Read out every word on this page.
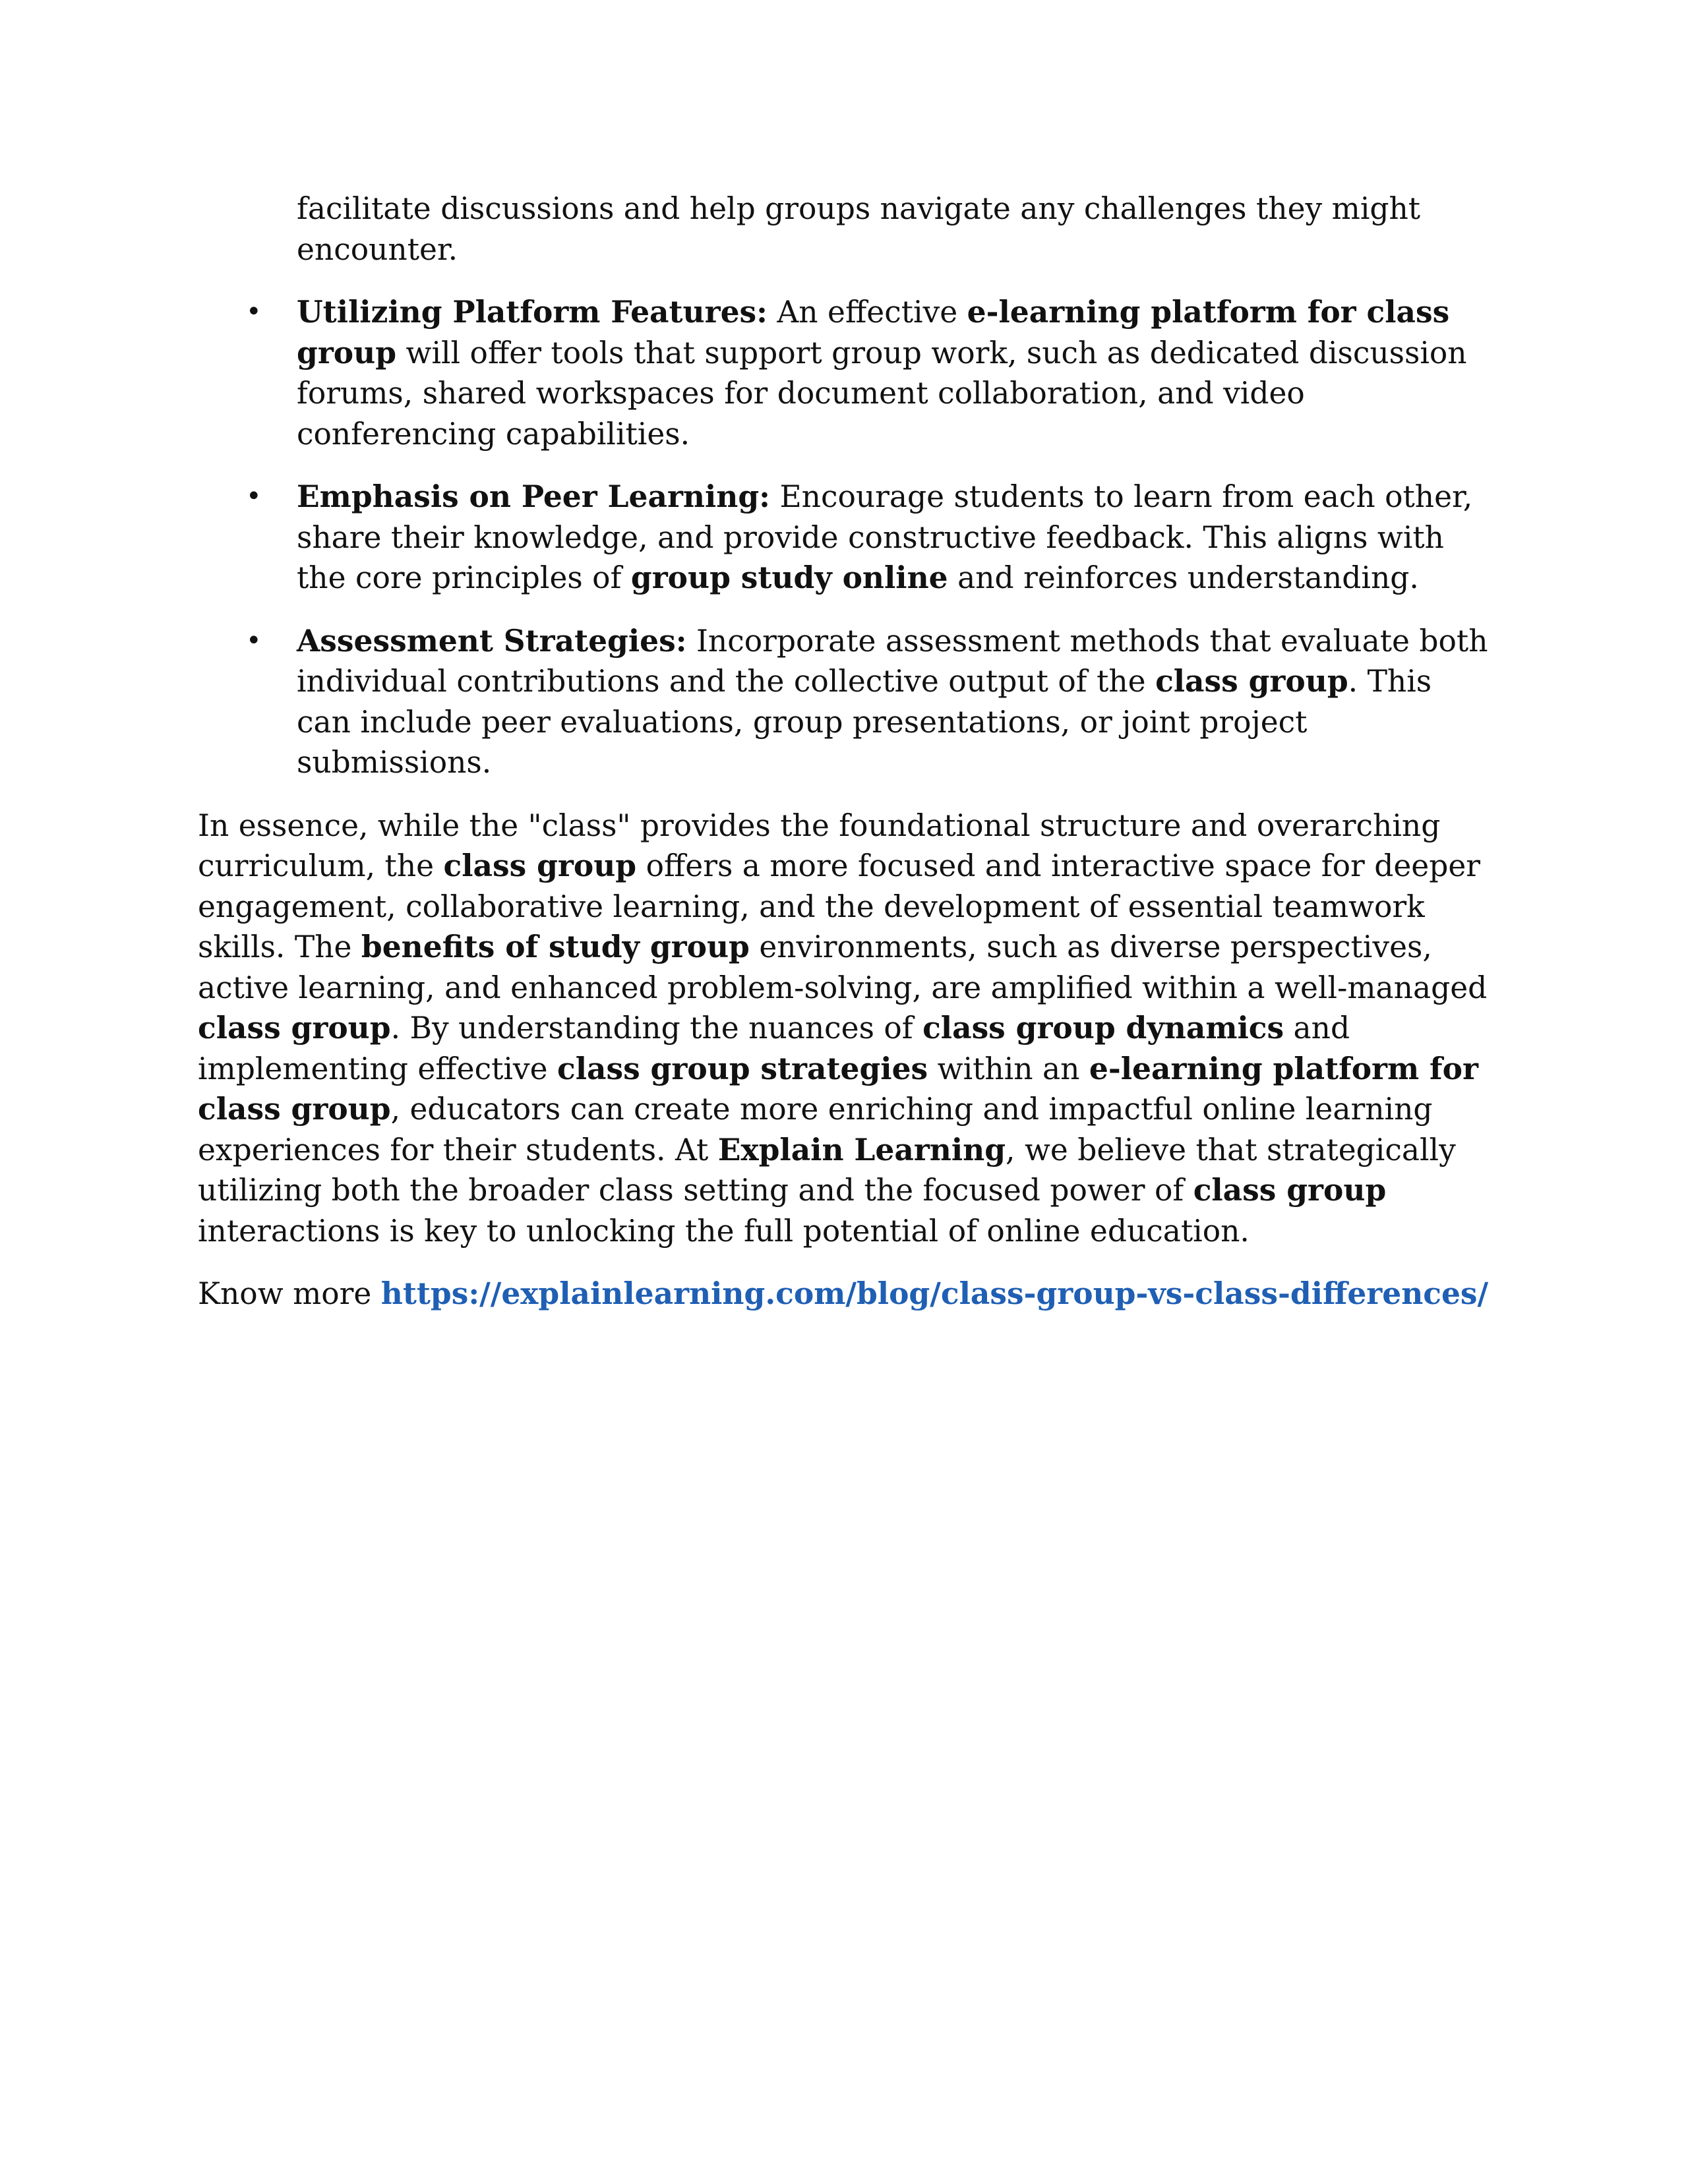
facilitate discussions and help groups navigate any challenges they might encounter.

• Utilizing Platform Features: An effective e-learning platform for class group will offer tools that support group work, such as dedicated discussion forums, shared workspaces for document collaboration, and video conferencing capabilities.
• Emphasis on Peer Learning: Encourage students to learn from each other, share their knowledge, and provide constructive feedback. This aligns with the core principles of group study online and reinforces understanding.
• Assessment Strategies: Incorporate assessment methods that evaluate both individual contributions and the collective output of the class group. This can include peer evaluations, group presentations, or joint project submissions.

In essence, while the "class" provides the foundational structure and overarching curriculum, the class group offers a more focused and interactive space for deeper engagement, collaborative learning, and the development of essential teamwork skills. The benefits of study group environments, such as diverse perspectives, active learning, and enhanced problem-solving, are amplified within a well-managed class group. By understanding the nuances of class group dynamics and implementing effective class group strategies within an e-learning platform for class group, educators can create more enriching and impactful online learning experiences for their students. At Explain Learning, we believe that strategically utilizing both the broader class setting and the focused power of class group interactions is key to unlocking the full potential of online education.

Know more https://explainlearning.com/blog/class-group-vs-class-differences/
